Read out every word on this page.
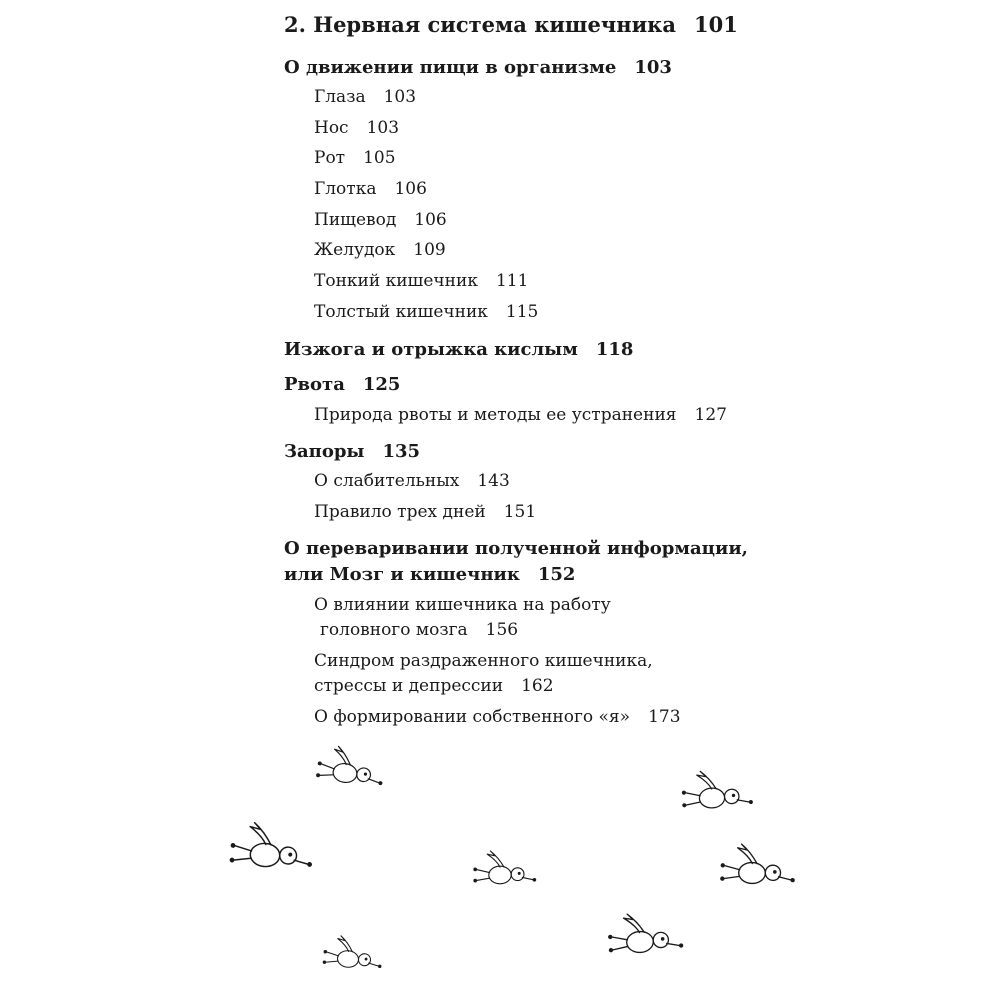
2. Нервная система кишечника 101
О движении пищи в организме 103
Глаза 103
Нос 103
Рот 105
Глотка 106
Пищевод 106
Желудок 109
Тонкий кишечник 111
Толстый кишечник 115
Изжога и отрыжка кислым 118
Рвота 125
Природа рвоты и методы ее устранения 127
Запоры 135
О слабительных 143
Правило трех дней 151
О переваривании полученной информации,
или Мозг и кишечник 152
О влиянии кишечника на работу
головного мозга 156
Синдром раздраженного кишечника,
стрессы и депрессии 162
О формировании собственного «я» 173
